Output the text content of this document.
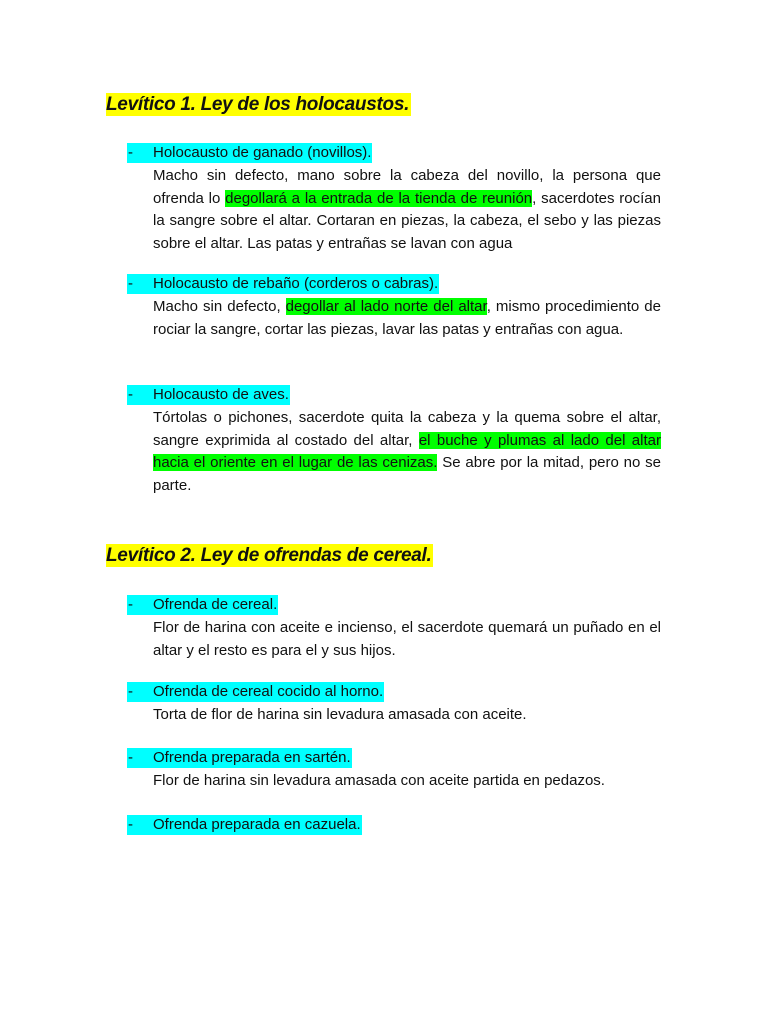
Levítico 1. Ley de los holocaustos.
-	Holocausto de ganado (novillos).

Macho sin defecto, mano sobre la cabeza del novillo, la persona que ofrenda lo degollará a la entrada de la tienda de reunión, sacerdotes rocían la sangre sobre el altar. Cortaran en piezas, la cabeza, el sebo y las piezas sobre el altar. Las patas y entrañas se lavan con agua

-	Holocausto de rebaño (corderos o cabras).

Macho sin defecto, degollar al lado norte del altar, mismo procedimiento de rociar la sangre, cortar las piezas, lavar las patas y entrañas con agua.

-	Holocausto de aves.

Tórtolas o pichones, sacerdote quita la cabeza y la quema sobre el altar, sangre exprimida al costado del altar, el buche y plumas al lado del altar hacia el oriente en el lugar de las cenizas. Se abre por la mitad, pero no se parte.

Levítico 2. Ley de ofrendas de cereal.
-	Ofrenda de cereal.

Flor de harina con aceite e incienso, el sacerdote quemará un puñado en el altar y el resto es para el y sus hijos.

-	Ofrenda de cereal cocido al horno.

Torta de flor de harina sin levadura amasada con aceite.

-	Ofrenda preparada en sartén.

Flor de harina sin levadura amasada con aceite partida en pedazos.

-	Ofrenda preparada en cazuela.
